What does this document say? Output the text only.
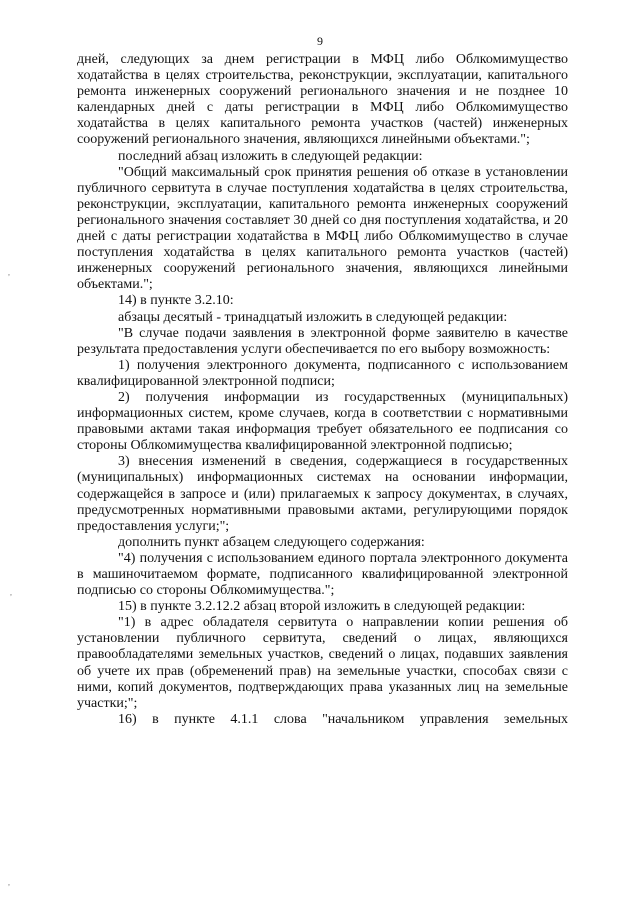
9

дней, следующих за днем регистрации в МФЦ либо Облкомимущество ходатайства в целях строительства, реконструкции, эксплуатации, капитального ремонта инженерных сооружений регионального значения и не позднее 10 календарных дней с даты регистрации в МФЦ либо Облкомимущество ходатайства в целях капитального ремонта участков (частей) инженерных сооружений регионального значения, являющихся линейными объектами.";

последний абзац изложить в следующей редакции:

"Общий максимальный срок принятия решения об отказе в установлении публичного сервитута в случае поступления ходатайства в целях строительства, реконструкции, эксплуатации, капитального ремонта инженерных сооружений регионального значения составляет 30 дней со дня поступления ходатайства, и 20 дней с даты регистрации ходатайства в МФЦ либо Облкомимущество в случае поступления ходатайства в целях капитального ремонта участков (частей) инженерных сооружений регионального значения, являющихся линейными объектами.";

14) в пункте 3.2.10:

абзацы десятый - тринадцатый изложить в следующей редакции:

"В случае подачи заявления в электронной форме заявителю в качестве результата предоставления услуги обеспечивается по его выбору возможность:

1) получения электронного документа, подписанного с использованием квалифицированной электронной подписи;

2) получения информации из государственных (муниципальных) информационных систем, кроме случаев, когда в соответствии с нормативными правовыми актами такая информация требует обязательного ее подписания со стороны Облкомимущества квалифицированной электронной подписью;

3) внесения изменений в сведения, содержащиеся в государственных (муниципальных) информационных системах на основании информации, содержащейся в запросе и (или) прилагаемых к запросу документах, в случаях, предусмотренных нормативными правовыми актами, регулирующими порядок предоставления услуги;";

дополнить пункт абзацем следующего содержания:

"4) получения с использованием единого портала электронного документа в машиночитаемом формате, подписанного квалифицированной электронной подписью со стороны Облкомимущества.";

15) в пункте 3.2.12.2 абзац второй изложить в следующей редакции:

"1) в адрес обладателя сервитута о направлении копии решения об установлении публичного сервитута, сведений о лицах, являющихся правообладателями земельных участков, сведений о лицах, подавших заявления об учете их прав (обременений прав) на земельные участки, способах связи с ними, копий документов, подтверждающих права указанных лиц на земельные участки;";

16) в пункте 4.1.1 слова "начальником управления земельных

,
,
,
